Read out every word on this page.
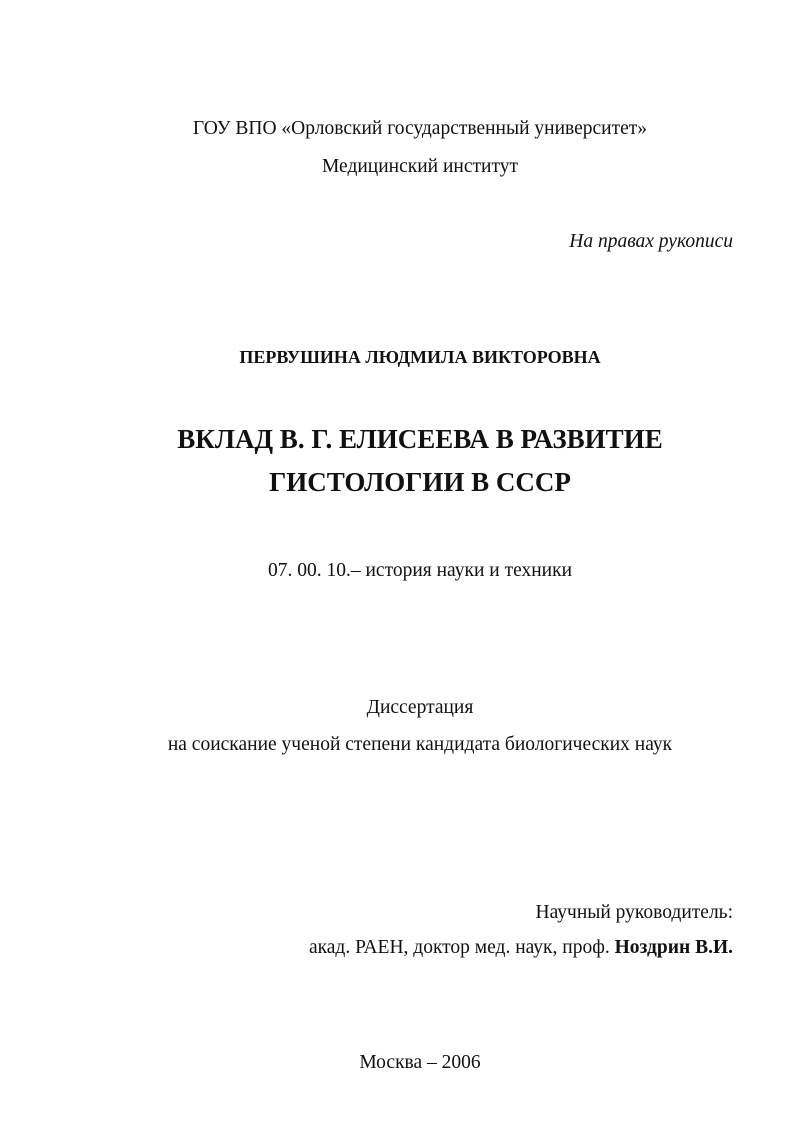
ГОУ ВПО «Орловский государственный университет»
Медицинский институт
На правах рукописи
ПЕРВУШИНА ЛЮДМИЛА ВИКТОРОВНА
ВКЛАД В. Г. ЕЛИСЕЕВА В РАЗВИТИЕ
ГИСТОЛОГИИ В СССР
07. 00. 10.– история науки и техники
Диссертация
на соискание ученой степени кандидата биологических наук
Научный руководитель:
акад. РАЕН, доктор мед. наук, проф. Ноздрин В.И.
Москва – 2006
